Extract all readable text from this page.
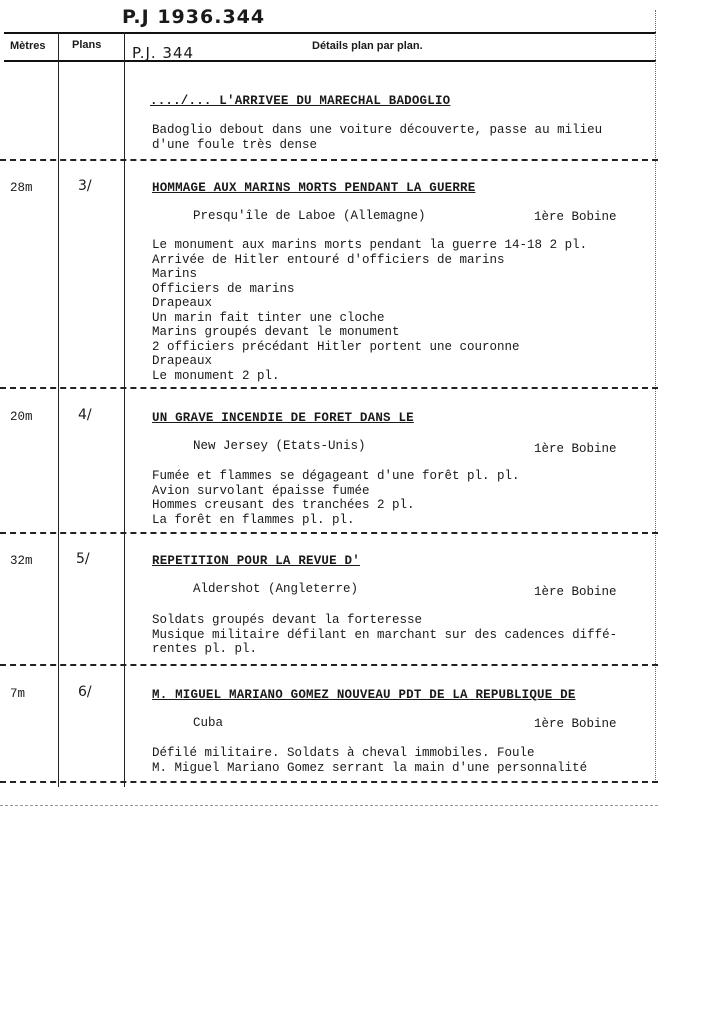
P.J 1936.344
Mètres Plans P.J. 344	Détails plan par plan.
..../... L'ARRIVEE DU MARECHAL BADOGLIO
Badoglio debout dans une voiture découverte, passe au milieu
d'une foule très dense
28m	3/	HOMMAGE AUX MARINS MORTS PENDANT LA GUERRE
Presqu'île de Laboe (Allemagne)	1ère Bobine
Le monument aux marins morts pendant la guerre 14-18 2 pl.
Arrivée de Hitler entouré d'officiers de marins
Marins
Officiers de marins
Drapeaux
Un marin fait tinter une cloche
Marins groupés devant le monument
2 officiers précédant Hitler portent une couronne
Drapeaux
Le monument 2 pl.
20m	4/	UN GRAVE INCENDIE DE FORET DANS LE
New Jersey (Etats-Unis)	1ère Bobine
Fumée et flammes se dégageant d'une forêt pl. pl.
Avion survolant épaisse fumée
Hommes creusant des tranchées 2 pl.
La forêt en flammes pl. pl.
32m	5/	REPETITION POUR LA REVUE D'
Aldershot (Angleterre)	1ère Bobine
Soldats groupés devant la forteresse
Musique militaire défilant en marchant sur des cadences diffé-
rentes pl. pl.
7m	6/	M. MIGUEL MARIANO GOMEZ NOUVEAU PDT DE LA REPUBLIQUE DE
Cuba	1ère Bobine
Défilé militaire. Soldats à cheval immobiles. Foule
M. Miguel Mariano Gomez serrant la main d'une personnalité
